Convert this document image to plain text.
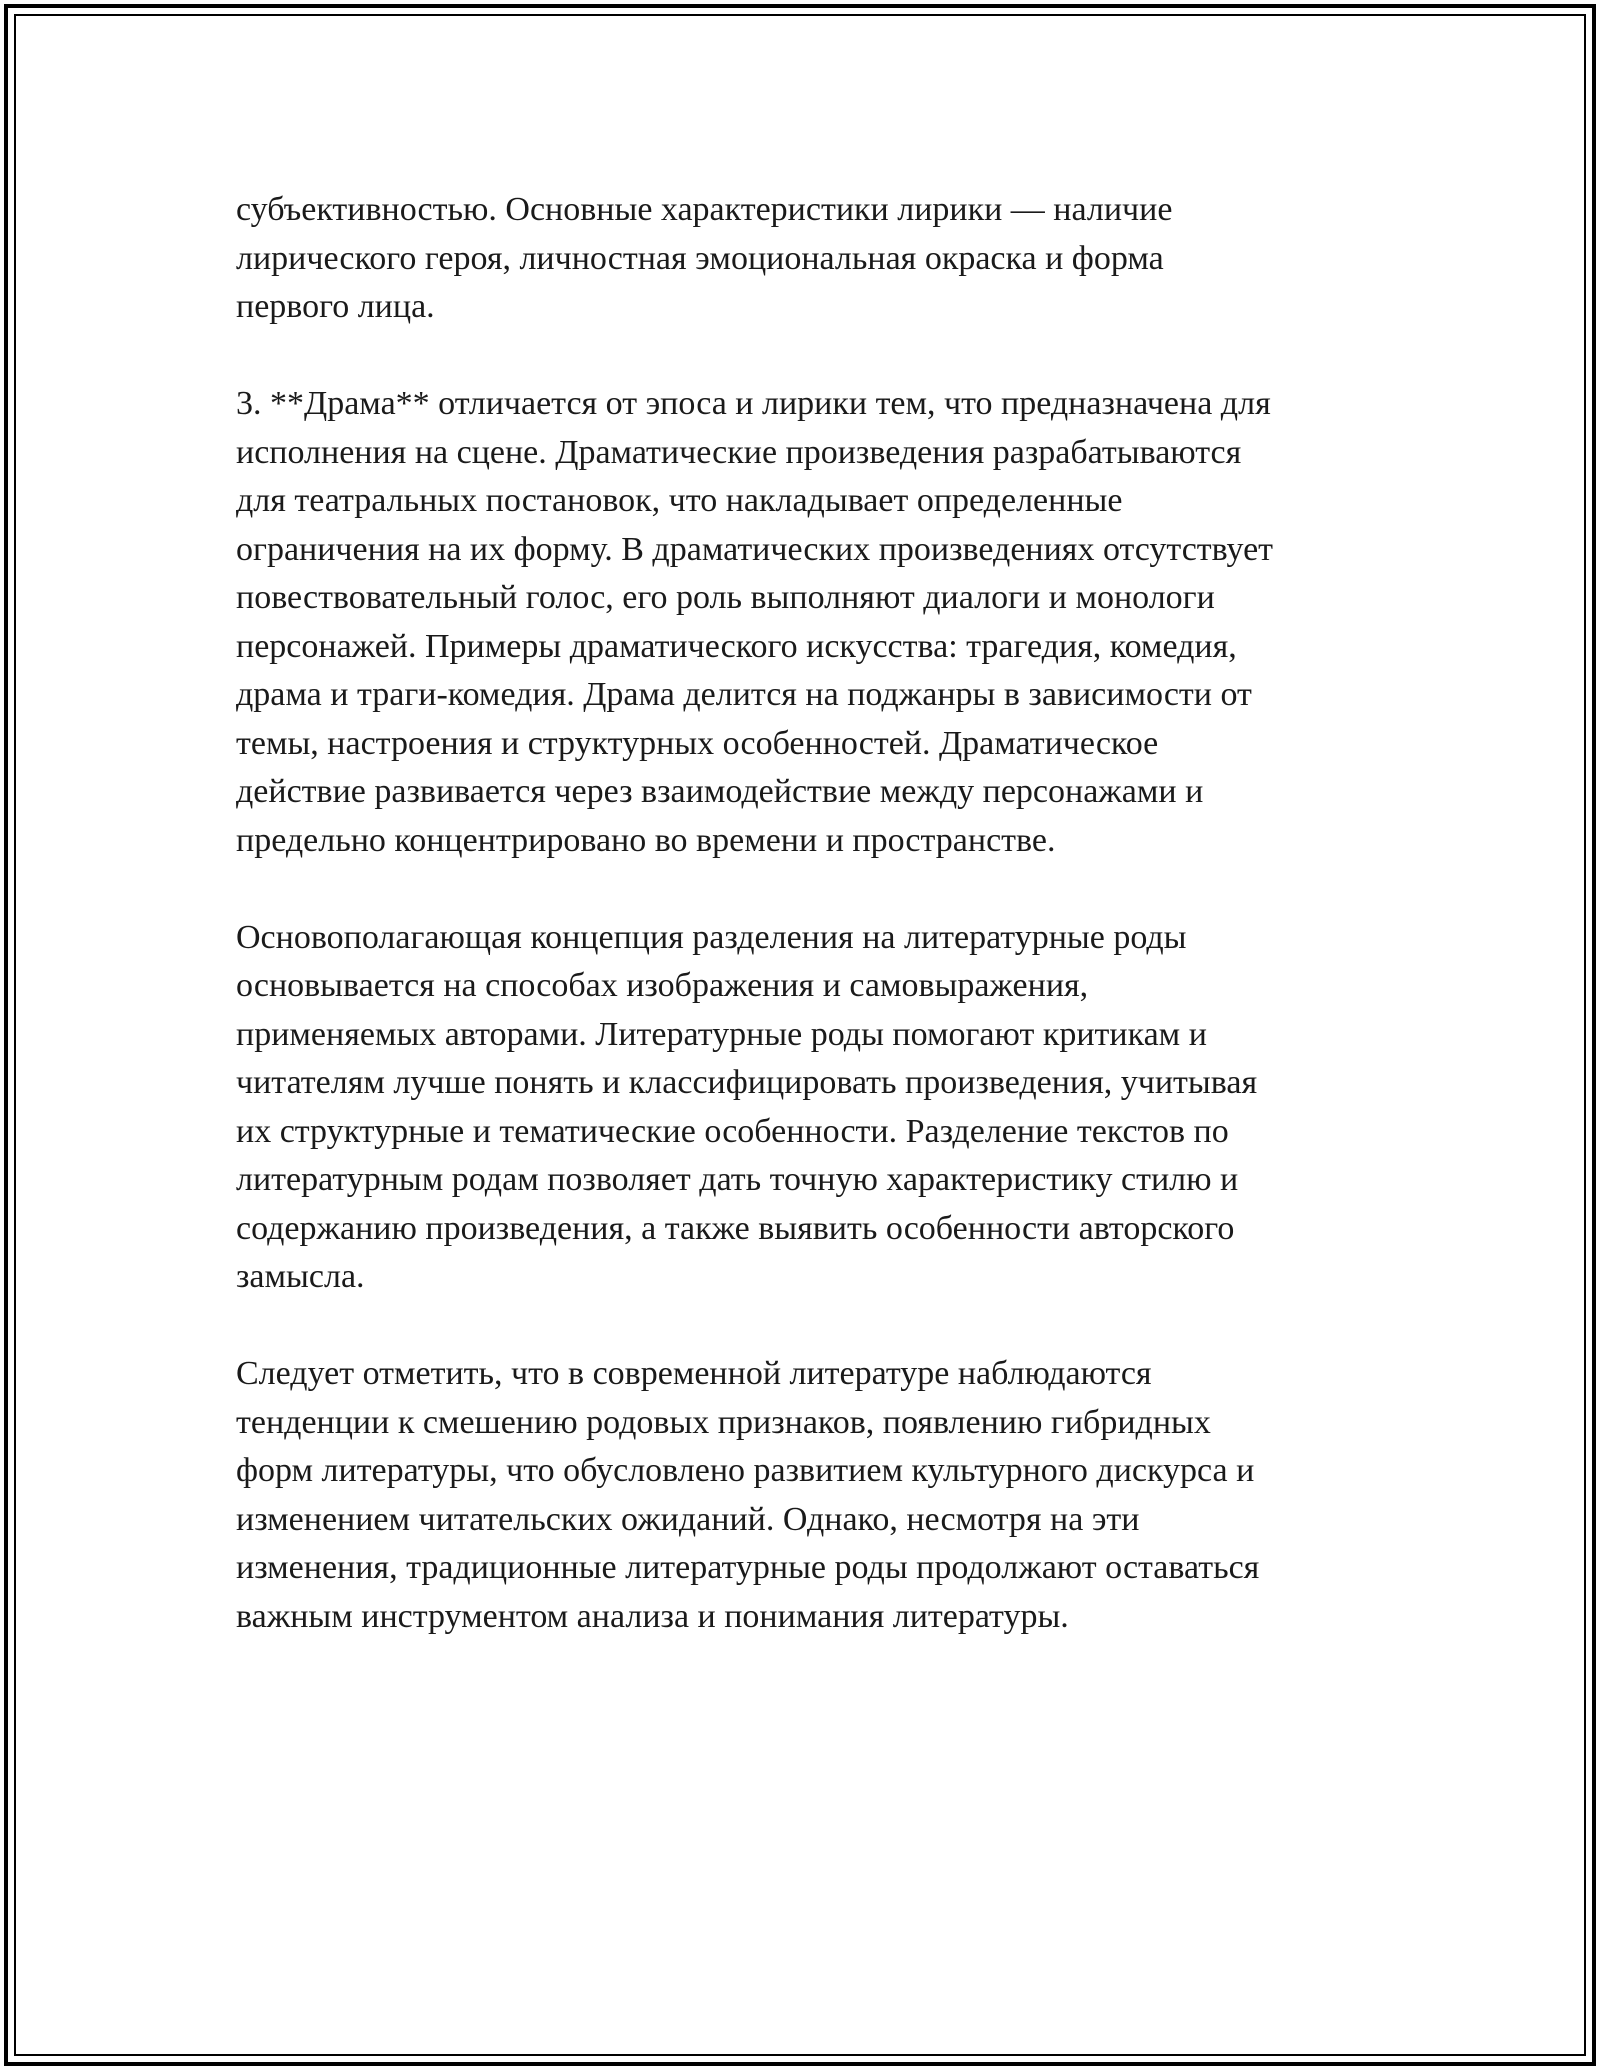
субъективностью. Основные характеристики лирики — наличие
лирического героя, личностная эмоциональная окраска и форма
первого лица.

3. **Драма** отличается от эпоса и лирики тем, что предназначена для
исполнения на сцене. Драматические произведения разрабатываются
для театральных постановок, что накладывает определенные
ограничения на их форму. В драматических произведениях отсутствует
повествовательный голос, его роль выполняют диалоги и монологи
персонажей. Примеры драматического искусства: трагедия, комедия,
драма и траги-комедия. Драма делится на поджанры в зависимости от
темы, настроения и структурных особенностей. Драматическое
действие развивается через взаимодействие между персонажами и
предельно концентрировано во времени и пространстве.

Основополагающая концепция разделения на литературные роды
основывается на способах изображения и самовыражения,
применяемых авторами. Литературные роды помогают критикам и
читателям лучше понять и классифицировать произведения, учитывая
их структурные и тематические особенности. Разделение текстов по
литературным родам позволяет дать точную характеристику стилю и
содержанию произведения, а также выявить особенности авторского
замысла.

Следует отметить, что в современной литературе наблюдаются
тенденции к смешению родовых признаков, появлению гибридных
форм литературы, что обусловлено развитием культурного дискурса и
изменением читательских ожиданий. Однако, несмотря на эти
изменения, традиционные литературные роды продолжают оставаться
важным инструментом анализа и понимания литературы.
